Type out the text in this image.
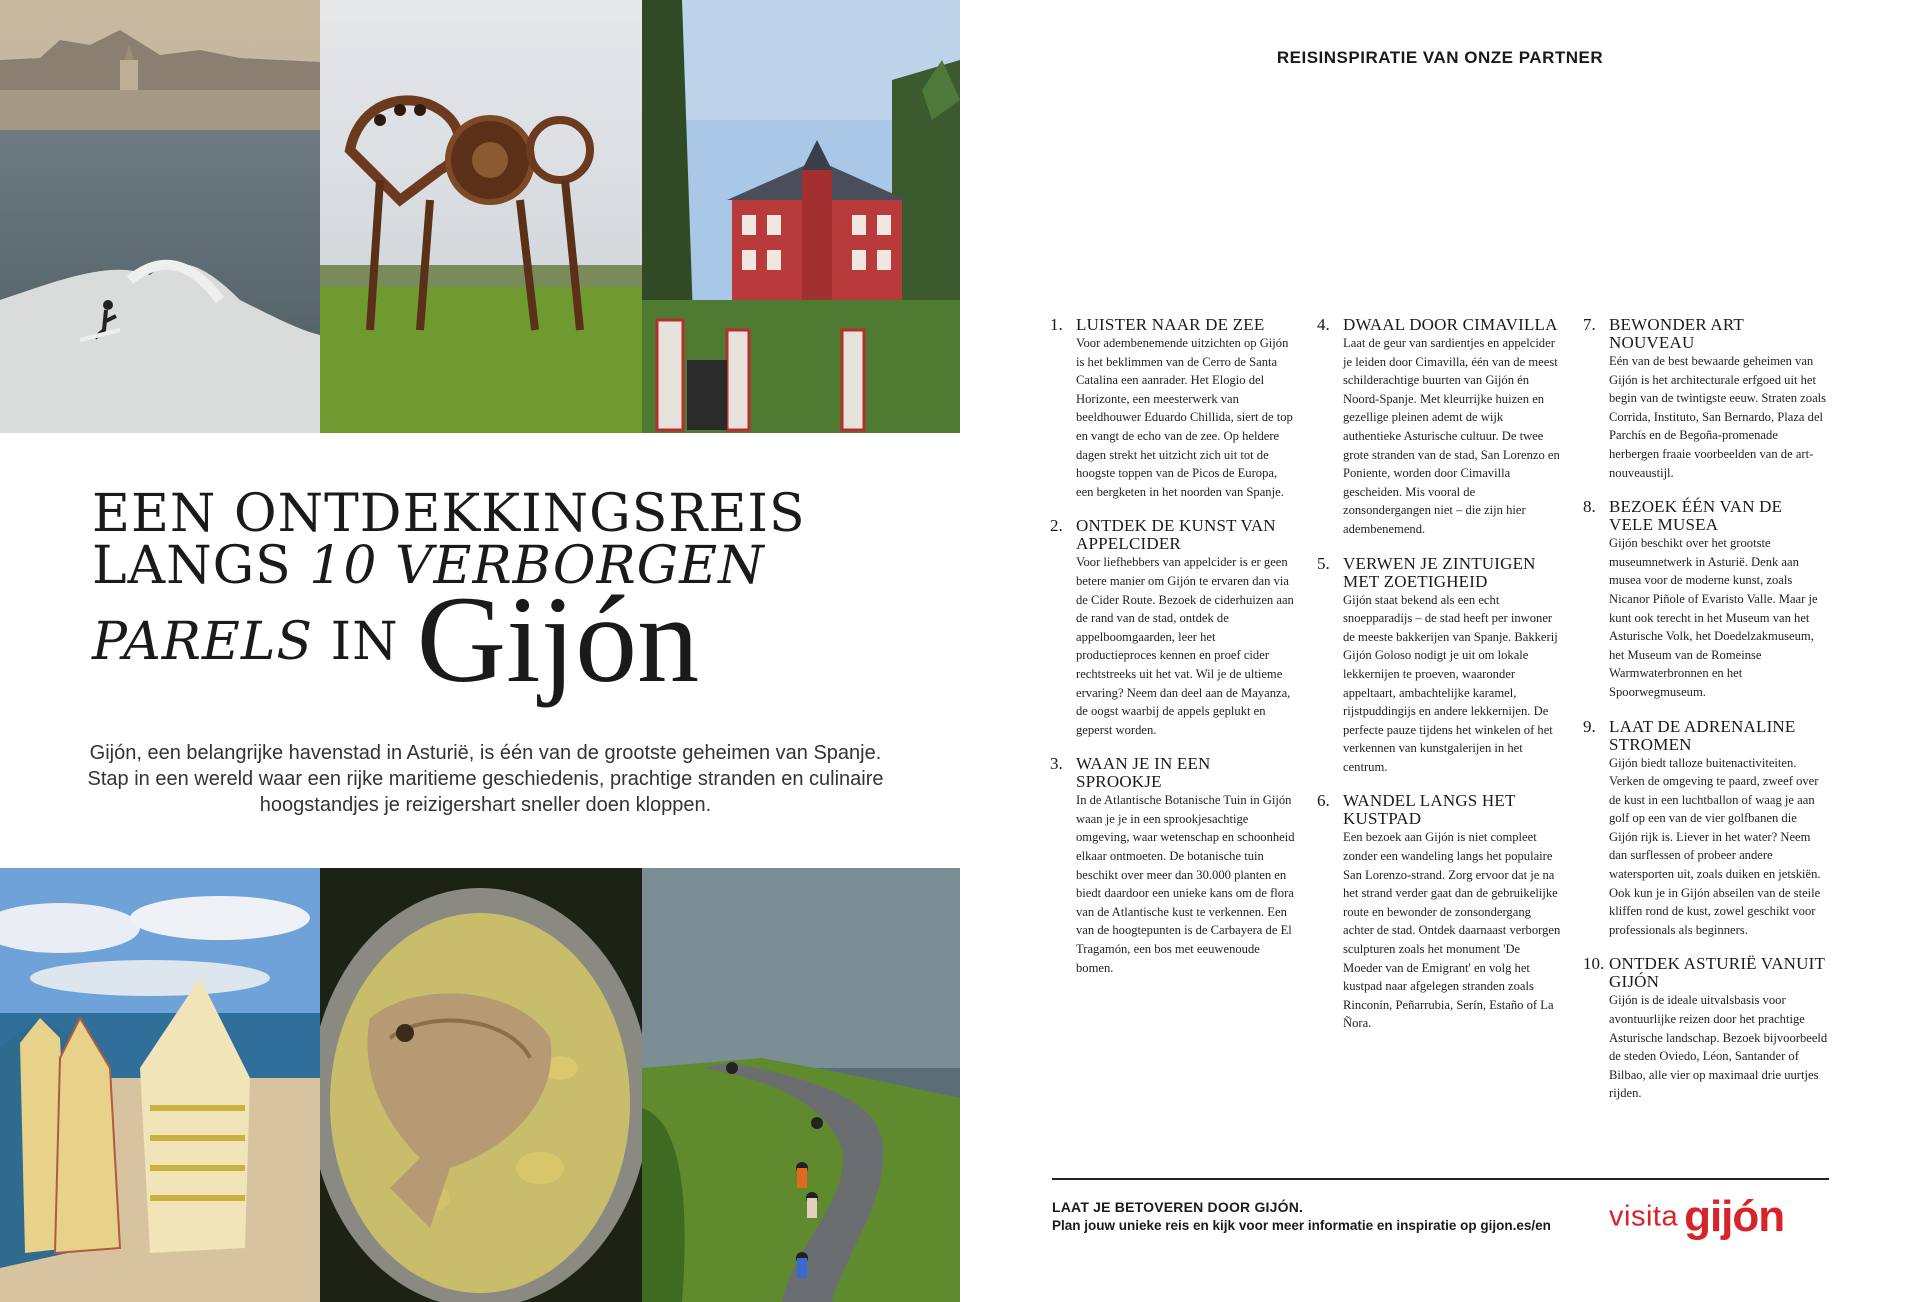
EEN ONTDEKKINGSREIS
LANGS 10 VERBORGEN
PARELS IN Gijón
Gijón, een belangrijke havenstad in Asturië, is één van de grootste geheimen van Spanje. Stap in een wereld waar een rijke maritieme geschiedenis, prachtige stranden en culinaire hoogstandjes je reizigershart sneller doen kloppen.
REISINSPIRATIE VAN ONZE PARTNER
1. LUISTER NAAR DE ZEE

Voor adembenemende uitzichten op Gijón is het beklimmen van de Cerro de Santa Catalina een aanrader. Het Elogio del Horizonte, een meesterwerk van beeldhouwer Eduardo Chillida, siert de top en vangt de echo van de zee. Op heldere dagen strekt het uitzicht zich uit tot de hoogste toppen van de Picos de Europa, een bergketen in het noorden van Spanje.

2. ONTDEK DE KUNST VAN APPELCIDER

Voor liefhebbers van appelcider is er geen betere manier om Gijón te ervaren dan via de Cider Route. Bezoek de ciderhuizen aan de rand van de stad, ontdek de appelboomgaarden, leer het productieproces kennen en proef cider rechtstreeks uit het vat. Wil je de ultieme ervaring? Neem dan deel aan de Mayanza, de oogst waarbij de appels geplukt en geperst worden.

3. WAAN JE IN EEN SPROOKJE

In de Atlantische Botanische Tuin in Gijón waan je je in een sprookjesachtige omgeving, waar wetenschap en schoonheid elkaar ontmoeten. De botanische tuin beschikt over meer dan 30.000 planten en biedt daardoor een unieke kans om de flora van de Atlantische kust te verkennen. Een van de hoogtepunten is de Carbayera de El Tragamón, een bos met eeuwenoude bomen.

4. DWAAL DOOR CIMAVILLA

Laat de geur van sardientjes en appelcider je leiden door Cimavilla, één van de meest schilderachtige buurten van Gijón én Noord-Spanje. Met kleurrijke huizen en gezellige pleinen ademt de wijk authentieke Asturische cultuur. De twee grote stranden van de stad, San Lorenzo en Poniente, worden door Cimavilla gescheiden. Mis vooral de zonsondergangen niet – die zijn hier adembenemend.

5. VERWEN JE ZINTUIGEN MET ZOETIGHEID

Gijón staat bekend als een echt snoepparadijs – de stad heeft per inwoner de meeste bakkerijen van Spanje. Bakkerij Gijón Goloso nodigt je uit om lokale lekkernijen te proeven, waaronder appeltaart, ambachtelijke karamel, rijstpuddingijs en andere lekkernijen. De perfecte pauze tijdens het winkelen of het verkennen van kunstgalerijen in het centrum.

6. WANDEL LANGS HET KUSTPAD

Een bezoek aan Gijón is niet compleet zonder een wandeling langs het populaire San Lorenzo-strand. Zorg ervoor dat je na het strand verder gaat dan de gebruikelijke route en bewonder de zonsondergang achter de stad. Ontdek daarnaast verborgen sculpturen zoals het monument 'De Moeder van de Emigrant' en volg het kustpad naar afgelegen stranden zoals Rinconín, Peñarrubia, Serín, Estaño of La Ñora.

7. BEWONDER ART NOUVEAU

Eén van de best bewaarde geheimen van Gijón is het architecturale erfgoed uit het begin van de twintigste eeuw. Straten zoals Corrida, Instituto, San Bernardo, Plaza del Parchís en de Begoña-promenade herbergen fraaie voorbeelden van de art-nouveaustijl.

8. BEZOEK ÉÉN VAN DE VELE MUSEA

Gijón beschikt over het grootste museumnetwerk in Asturië. Denk aan musea voor de moderne kunst, zoals Nicanor Piñole of Evaristo Valle. Maar je kunt ook terecht in het Museum van het Asturische Volk, het Doedelzakmuseum, het Museum van de Romeinse Warmwaterbronnen en het Spoorwegmuseum.

9. LAAT DE ADRENALINE STROMEN

Gijón biedt talloze buitenactiviteiten. Verken de omgeving te paard, zweef over de kust in een luchtballon of waag je aan golf op een van de vier golfbanen die Gijón rijk is. Liever in het water? Neem dan surflessen of probeer andere watersporten uit, zoals duiken en jetskiën. Ook kun je in Gijón abseilen van de steile kliffen rond de kust, zowel geschikt voor professionals als beginners.

10. ONTDEK ASTURIË VANUIT GIJÓN

Gijón is de ideale uitvalsbasis voor avontuurlijke reizen door het prachtige Asturische landschap. Bezoek bijvoorbeeld de steden Oviedo, Léon, Santander of Bilbao, alle vier op maximaal drie uurtjes rijden.

LAAT JE BETOVEREN DOOR GIJÓN.
Plan jouw unieke reis en kijk voor meer informatie en inspiratie op gijon.es/en visita gijón
